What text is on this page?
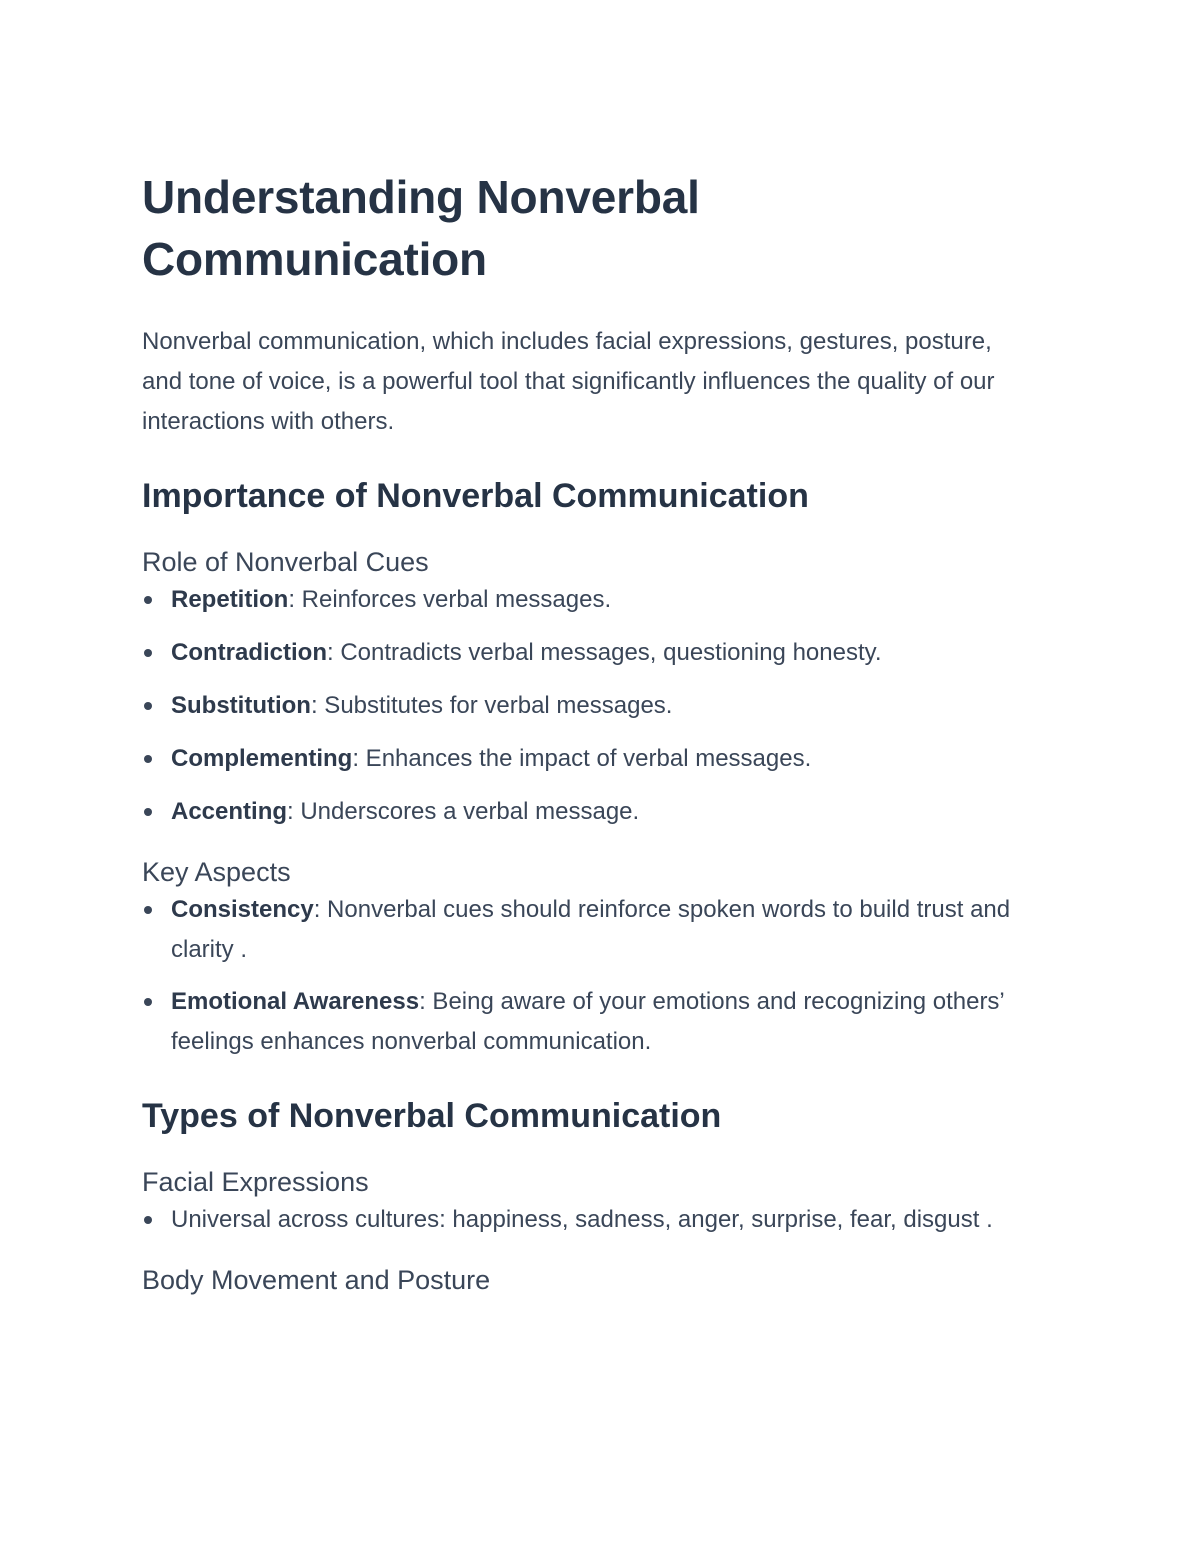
Understanding Nonverbal Communication

Nonverbal communication, which includes facial expressions, gestures, posture, and tone of voice, is a powerful tool that significantly influences the quality of our interactions with others.

Importance of Nonverbal Communication
Role of Nonverbal Cues
Repetition: Reinforces verbal messages.
Contradiction: Contradicts verbal messages, questioning honesty.
Substitution: Substitutes for verbal messages.
Complementing: Enhances the impact of verbal messages.
Accenting: Underscores a verbal message.
Key Aspects
Consistency: Nonverbal cues should reinforce spoken words to build trust and clarity .
Emotional Awareness: Being aware of your emotions and recognizing others’ feelings enhances nonverbal communication.
Types of Nonverbal Communication
Facial Expressions
Universal across cultures: happiness, sadness, anger, surprise, fear, disgust .
Body Movement and Posture
